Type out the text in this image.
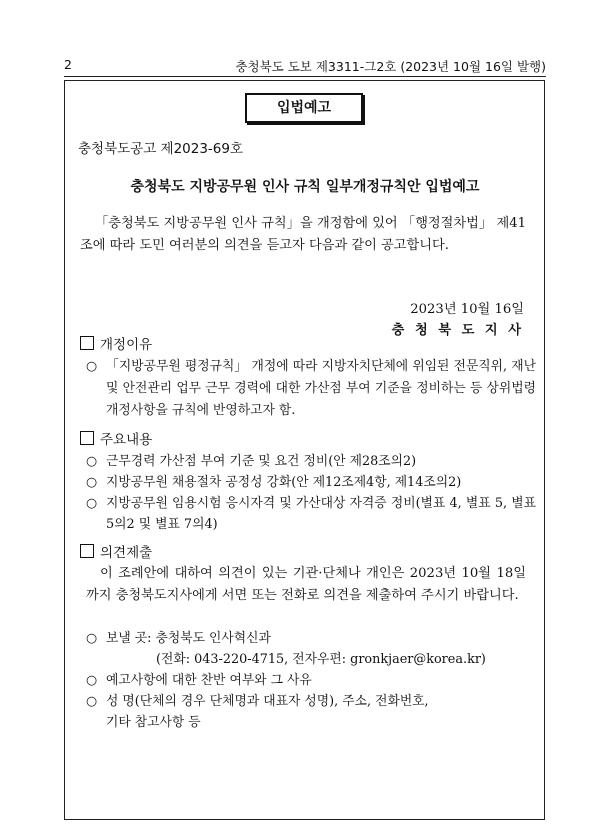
2	충청북도 도보 제3311-그2호 (2023년 10월 16일 발행)
입법예고
충청북도공고 제2023-69호
충청북도 지방공무원 인사 규칙 일부개정규칙안 입법예고
「충청북도 지방공무원 인사 규칙」을 개정함에 있어 「행정절차법」 제41조에 따라 도민 여러분의 의견을 듣고자 다음과 같이 공고합니다.
2023년 10월 16일
충 청 북 도 지 사
개정이유
○ 「지방공무원 평정규칙」 개정에 따라 지방자치단체에 위임된 전문직위, 재난 및 안전관리 업무 근무 경력에 대한 가산점 부여 기준을 정비하는 등 상위법령 개정사항을 규칙에 반영하고자 함.
주요내용
○ 근무경력 가산점 부여 기준 및 요건 정비(안 제28조의2)
○ 지방공무원 채용절차 공정성 강화(안 제12조제4항, 제14조의2)
○ 지방공무원 임용시험 응시자격 및 가산대상 자격증 정비(별표 4, 별표 5, 별표 5의2 및 별표 7의4)
의견제출
이 조례안에 대하여 의견이 있는 기관·단체나 개인은 2023년 10월 18일까지 충청북도지사에게 서면 또는 전화로 의견을 제출하여 주시기 바랍니다.
○ 보낼 곳: 충청북도 인사혁신과
(전화: 043-220-4715, 전자우편: gronkjaer@korea.kr)
○ 예고사항에 대한 찬반 여부와 그 사유
○ 성 명(단체의 경우 단체명과 대표자 성명), 주소, 전화번호,
기타 참고사항 등
